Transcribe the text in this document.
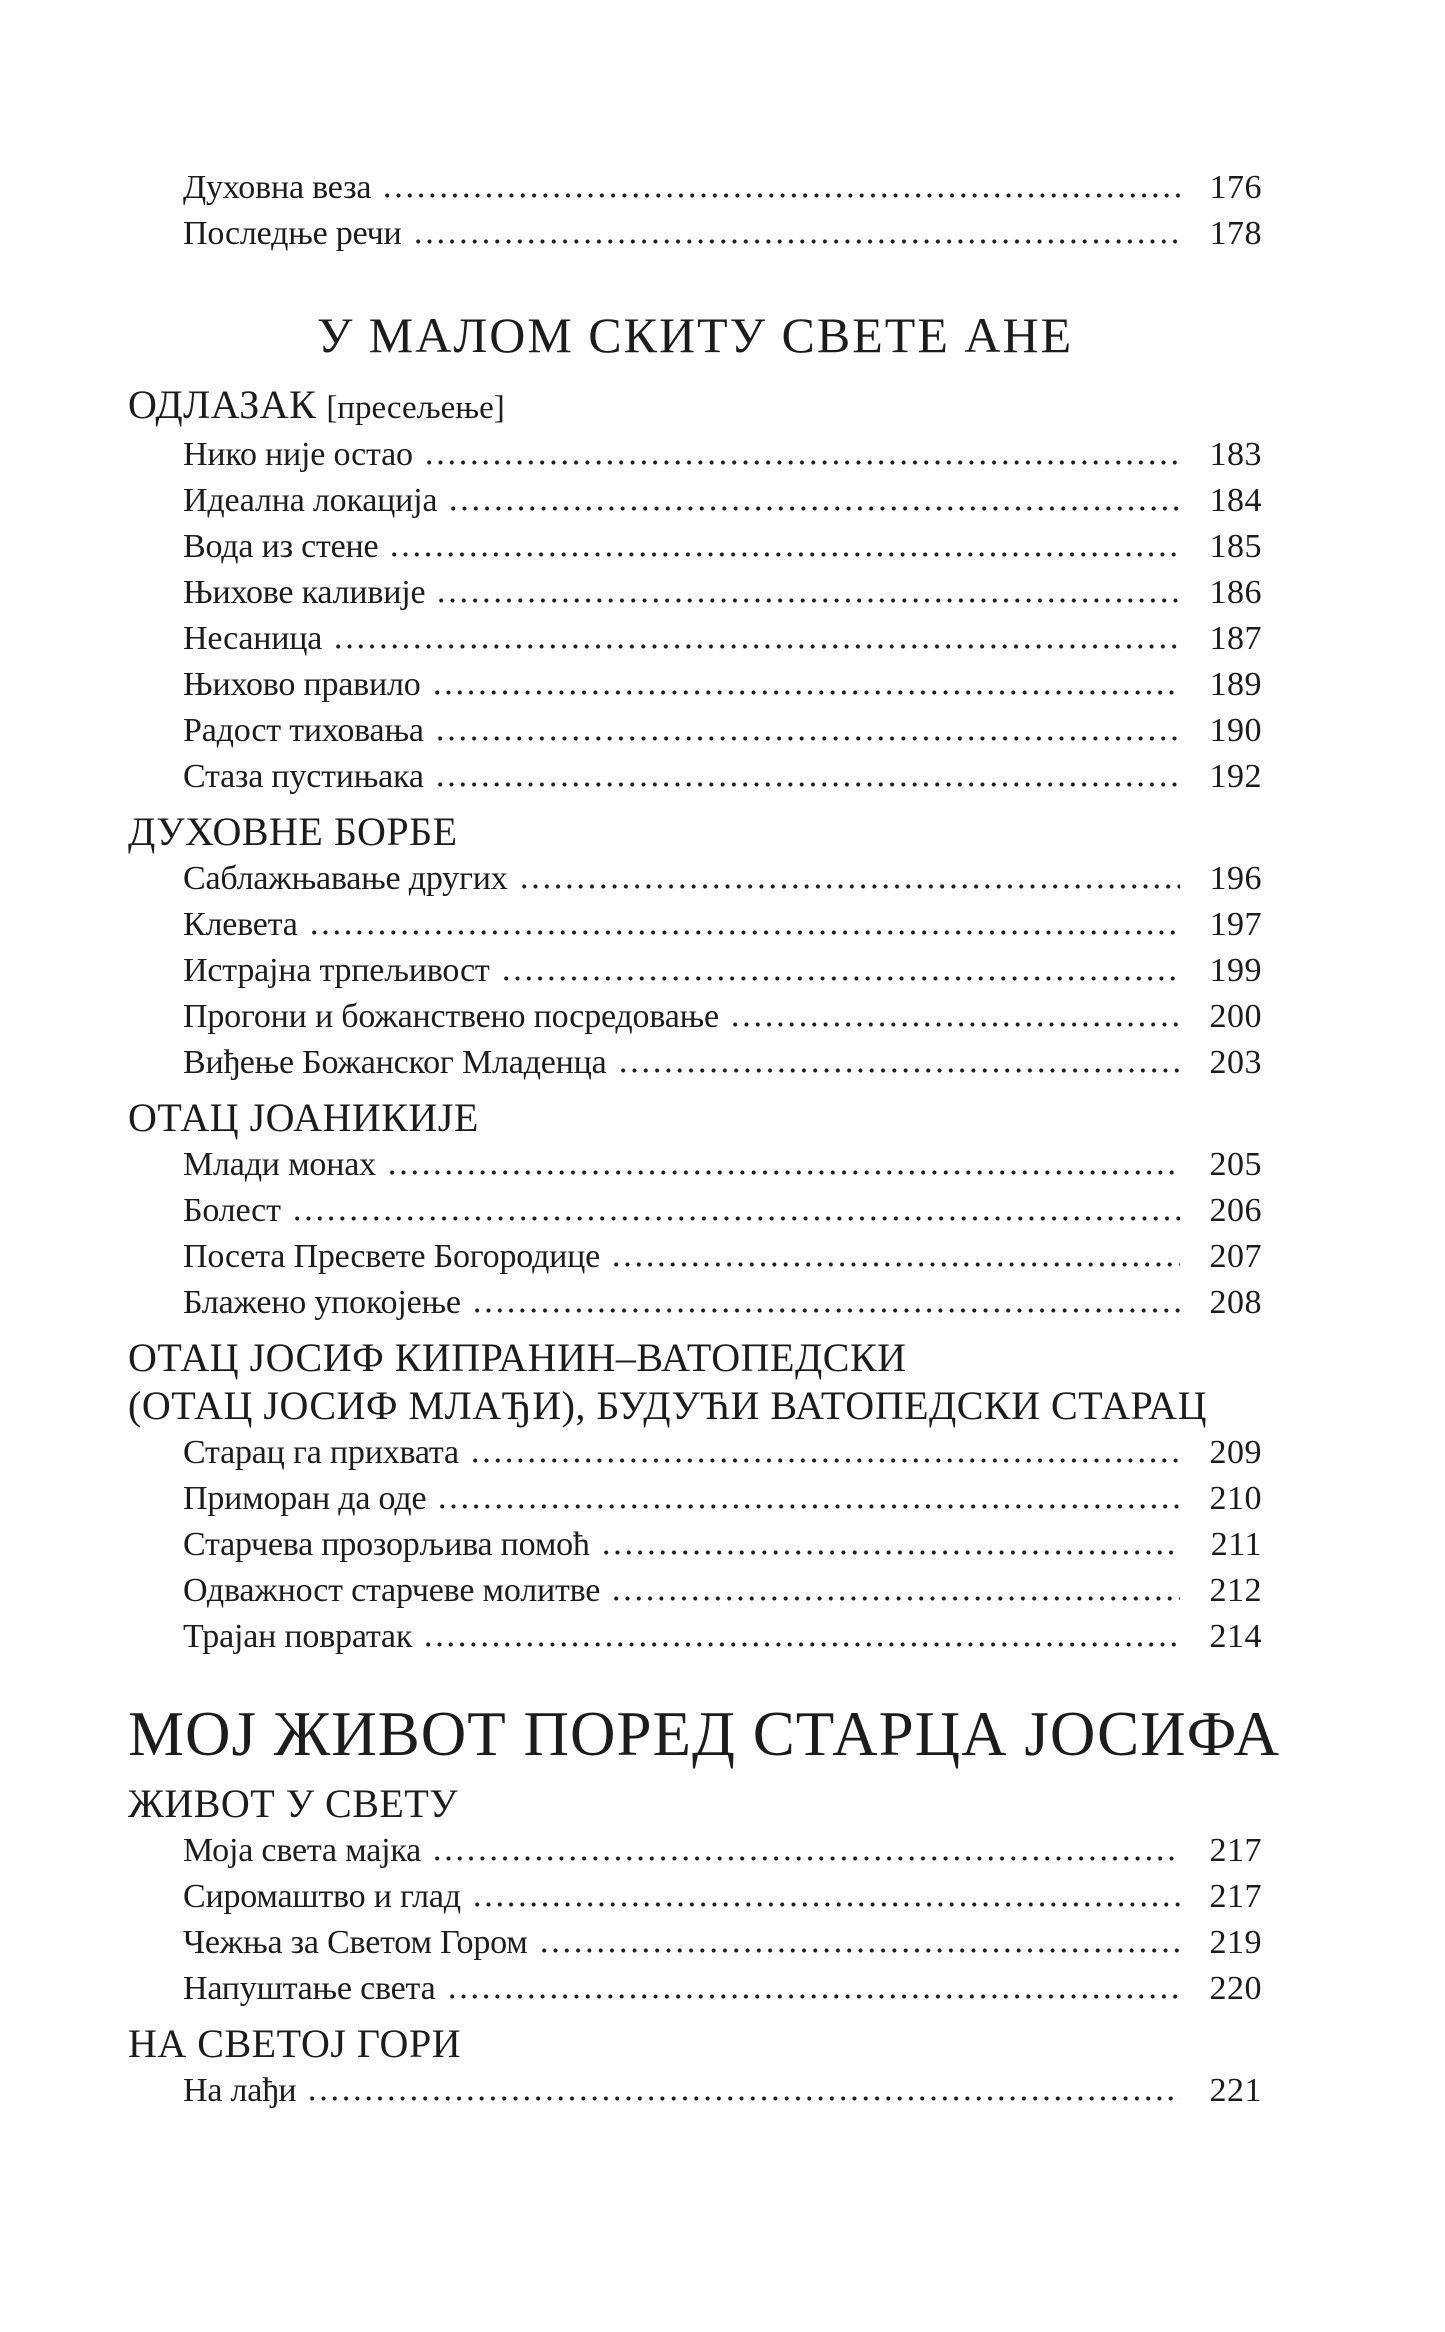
Духовна веза	176
Последње речи	178
У МАЛОМ СКИТУ СВЕТЕ АНЕ
ОДЛАЗАК [пресељење]
Нико није остао	183
Идеална локација	184
Вода из стене	185
Њихове каливије	186
Несаница	187
Њихово правило	189
Радост тиховања	190
Стаза пустињака	192
ДУХОВНЕ БОРБЕ
Саблажњавање других	196
Клевета	197
Истрајна трпељивост	199
Прогони и божанствено посредовање	200
Виђење Божанског Младенца	203
ОТАЦ ЈОАНИКИЈЕ
Млади монах	205
Болест	206
Посета Пресвете Богородице	207
Блажено упокојење	208
ОТАЦ ЈОСИФ КИПРАНИН–ВАТОПЕДСКИ
(ОТАЦ ЈОСИФ МЛАЂИ), БУДУЋИ ВАТОПЕДСКИ СТАРАЦ
Старац га прихвата	209
Приморан да оде	210
Старчева прозорљива помоћ	211
Одважност старчеве молитве	212
Трајан повратак	214
МОЈ ЖИВОТ ПОРЕД СТАРЦА ЈОСИФА
ЖИВОТ У СВЕТУ
Моја света мајка	217
Сиромаштво и глад	217
Чежња за Светом Гором	219
Напуштање света	220
НА СВЕТОЈ ГОРИ
На лађи	221
